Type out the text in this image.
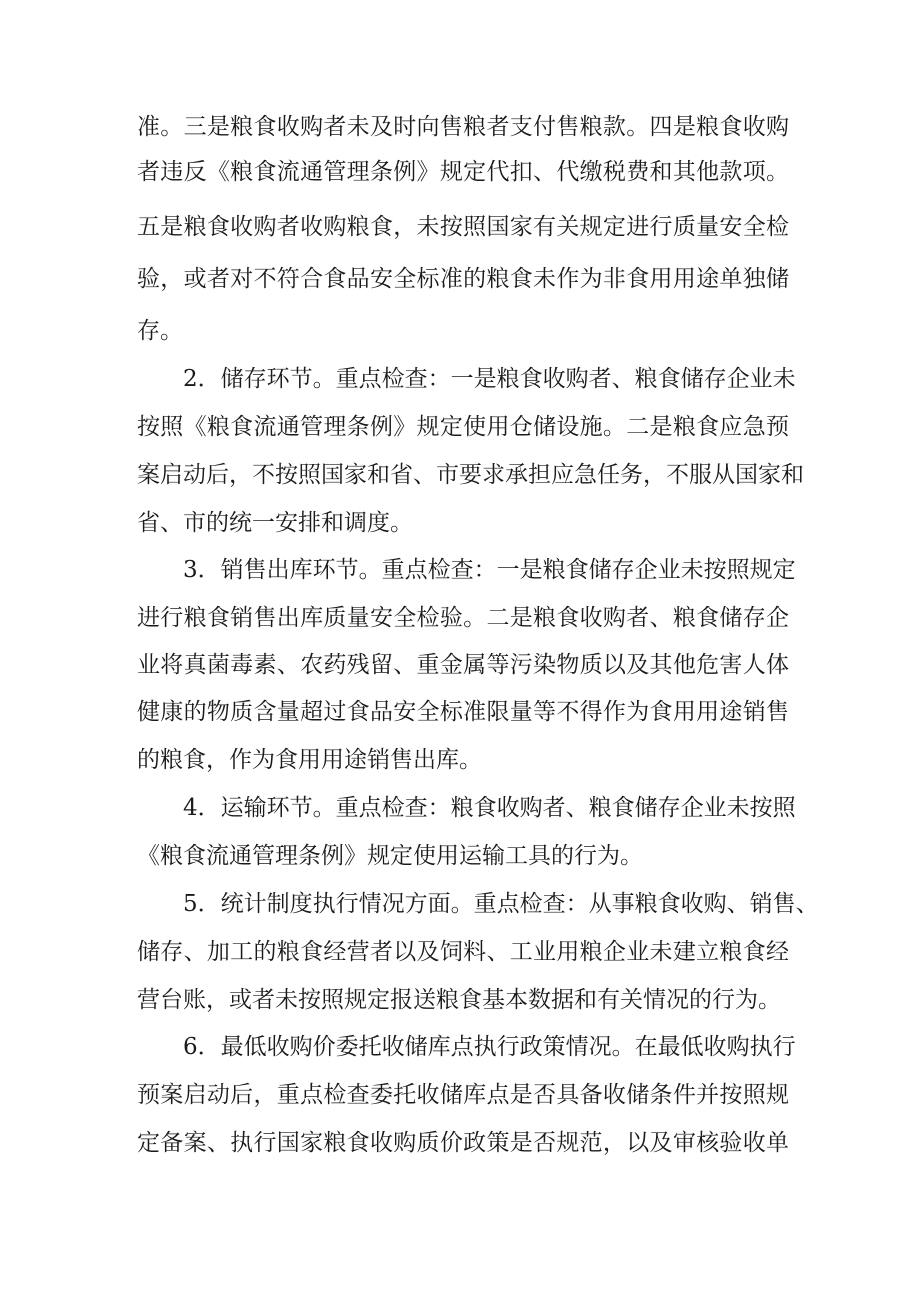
准。三是粮食收购者未及时向售粮者支付售粮款。四是粮食收购
者违反《粮食流通管理条例》规定代扣、代缴税费和其他款项。
五是粮食收购者收购粮食，未按照国家有关规定进行质量安全检
验，或者对不符合食品安全标准的粮食未作为非食用用途单独储
存。
2．储存环节。重点检查：一是粮食收购者、粮食储存企业未
按照《粮食流通管理条例》规定使用仓储设施。二是粮食应急预
案启动后，不按照国家和省、市要求承担应急任务，不服从国家和
省、市的统一安排和调度。
3．销售出库环节。重点检查：一是粮食储存企业未按照规定
进行粮食销售出库质量安全检验。二是粮食收购者、粮食储存企
业将真菌毒素、农药残留、重金属等污染物质以及其他危害人体
健康的物质含量超过食品安全标准限量等不得作为食用用途销售
的粮食，作为食用用途销售出库。
4．运输环节。重点检查：粮食收购者、粮食储存企业未按照
《粮食流通管理条例》规定使用运输工具的行为。
5．统计制度执行情况方面。重点检查：从事粮食收购、销售、
储存、加工的粮食经营者以及饲料、工业用粮企业未建立粮食经
营台账，或者未按照规定报送粮食基本数据和有关情况的行为。
6．最低收购价委托收储库点执行政策情况。在最低收购执行
预案启动后，重点检查委托收储库点是否具备收储条件并按照规
定备案、执行国家粮食收购质价政策是否规范，以及审核验收单
